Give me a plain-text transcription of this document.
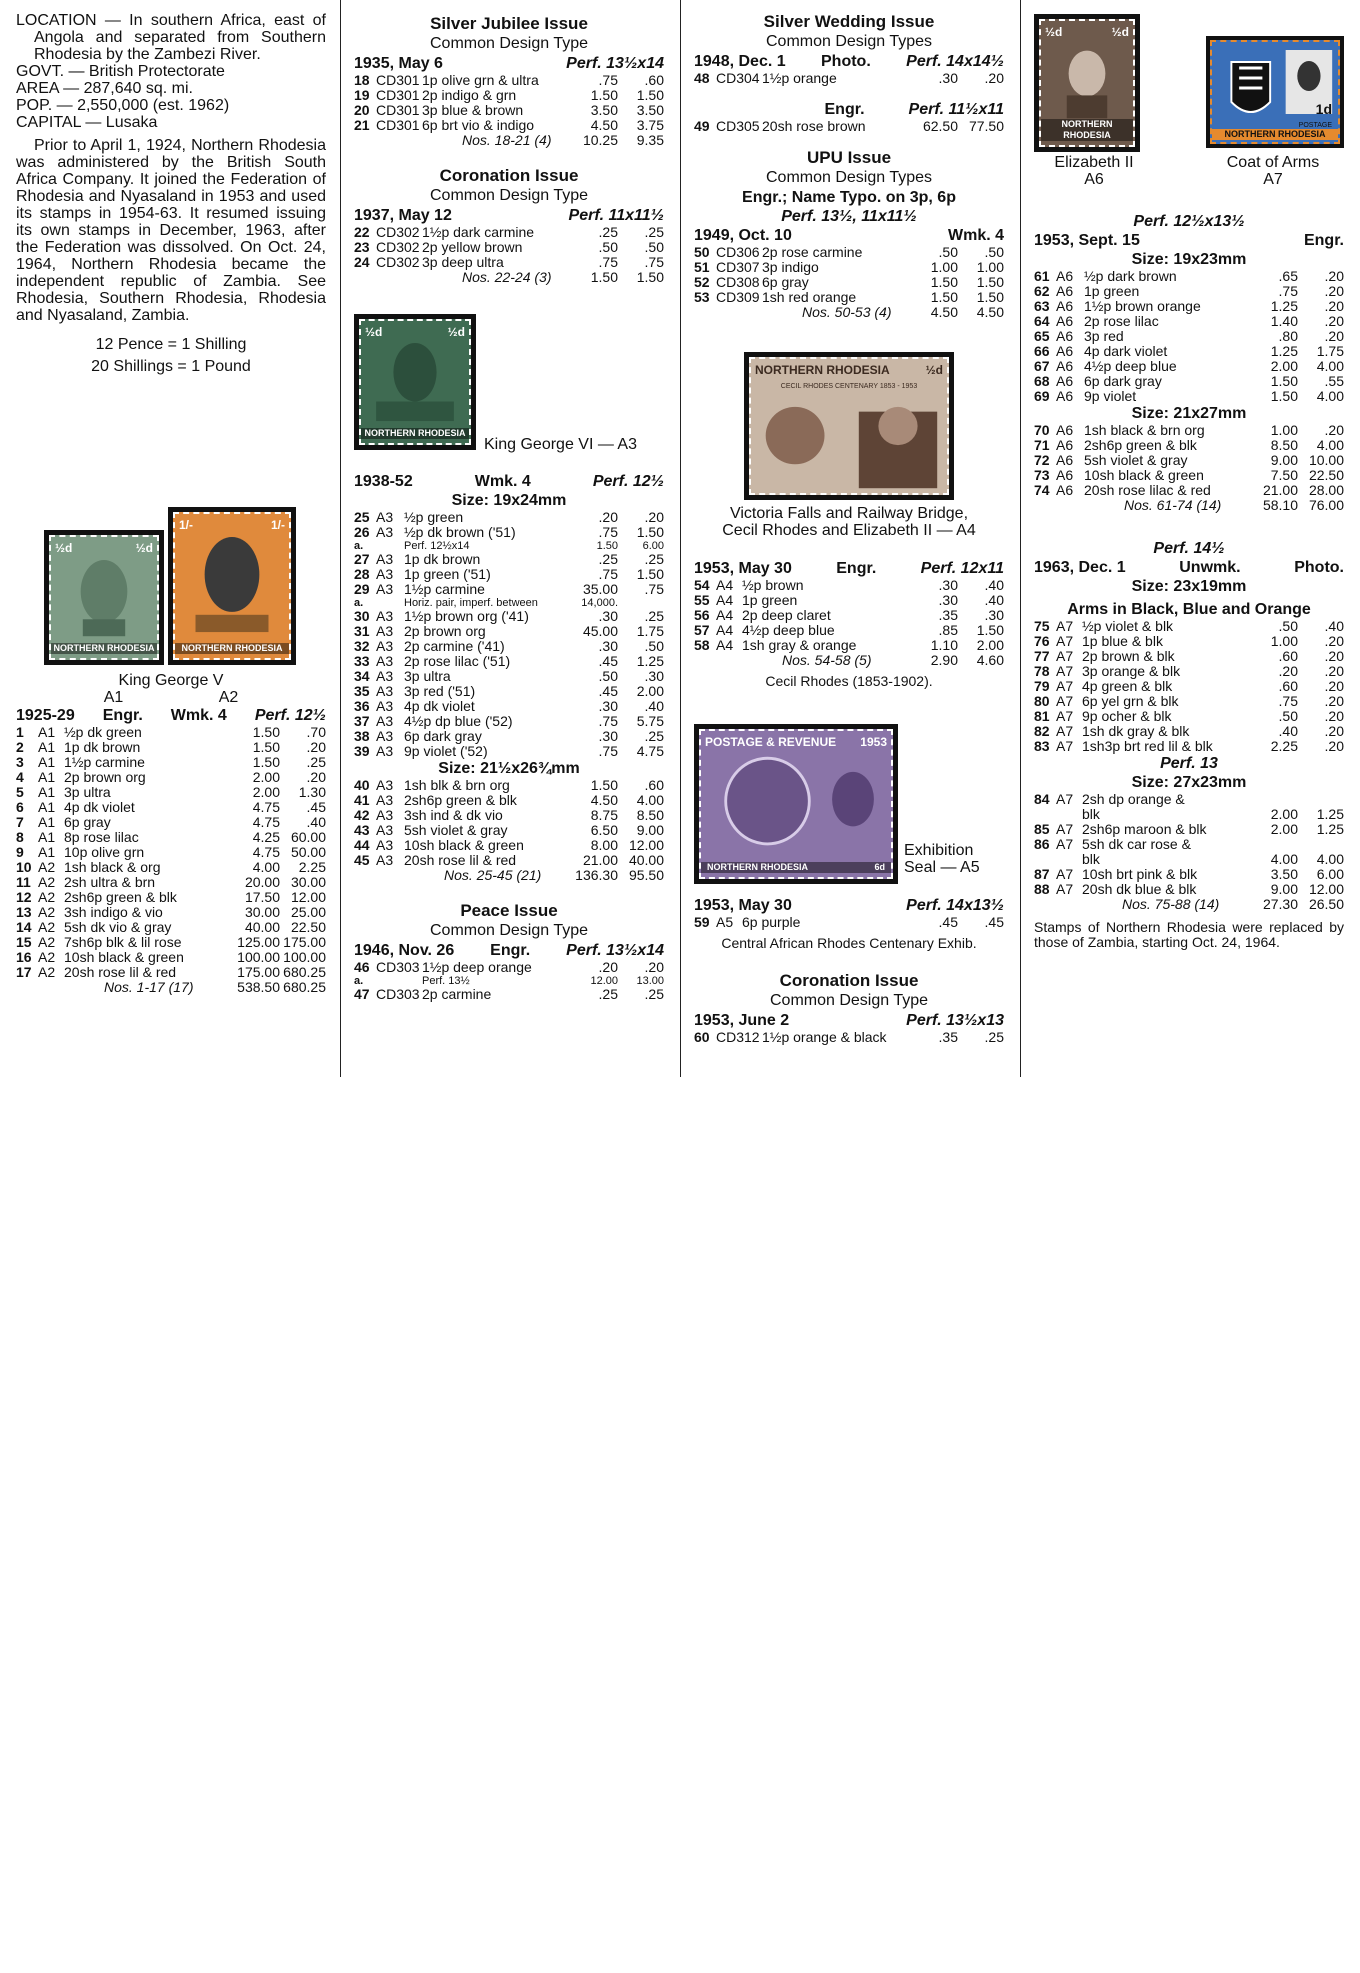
LOCATION — In southern Africa, east of Angola and separated from Southern Rhodesia by the Zambezi River.

GOVT. — British Protectorate

AREA — 287,640 sq. mi.

POP. — 2,550,000 (est. 1962)

CAPITAL — Lusaka

Prior to April 1, 1924, Northern Rhodesia was administered by the British South Africa Company. It joined the Federation of Rhodesia and Nyasaland in 1953 and used its stamps in 1954-63. It resumed issuing its own stamps in December, 1963, after the Federation was dissolved. On Oct. 24, 1964, Northern Rhodesia became the independent republic of Zambia. See Rhodesia, Southern Rhodesia, Rhodesia and Nyasaland, Zambia.

12 Pence = 1 Shilling

20 Shillings = 1 Pound

½d	½d
NORTHERN RHODESIA
1/-	1/-
NORTHERN RHODESIA
King George V
A1	A2
1925-29 Engr. Wmk. 4 Perf. 12½
1	A1	½p dk green	1.50	.70
2	A1	1p dk brown	1.50	.20
3	A1	1½p carmine	1.50	.25
4	A1	2p brown org	2.00	.20
5	A1	3p ultra	2.00	1.30
6	A1	4p dk violet	4.75	.45
7	A1	6p gray	4.75	.40
8	A1	8p rose lilac	4.25	60.00
9	A1	10p olive grn	4.75	50.00
10	A2	1sh black & org	4.00	2.25
11	A2	2sh ultra & brn	20.00	30.00
12	A2	2sh6p green & blk	17.50	12.00
13	A2	3sh indigo & vio	30.00	25.00
14	A2	5sh dk vio & gray	40.00	22.50
15	A2	7sh6p blk & lil rose	125.00	175.00
16	A2	10sh black & green	100.00	100.00
17	A2	20sh rose lil & red	175.00	680.25
		Nos. 1-17 (17)	538.50	680.25
Silver Jubilee Issue
Common Design Type
1935, May 6	Perf. 13½x14
18	CD301	1p olive grn & ultra	.75	.60
19	CD301	2p indigo & grn	1.50	1.50
20	CD301	3p blue & brown	3.50	3.50
21	CD301	6p brt vio & indigo	4.50	3.75
		Nos. 18-21 (4)	10.25	9.35
Coronation Issue
Common Design Type
1937, May 12	Perf. 11x11½
22	CD302	1½p dark carmine	.25	.25
23	CD302	2p yellow brown	.50	.50
24	CD302	3p deep ultra	.75	.75
		Nos. 22-24 (3)	1.50	1.50
½d	½d
NORTHERN RHODESIA
King George VI — A3
1938-52	Wmk. 4	Perf. 12½
Size: 19x24mm
25	A3	½p green	.20	.20
26	A3	½p dk brown ('51)	.75	1.50
a.		Perf. 12½x14	1.50	6.00
27	A3	1p dk brown	.25	.25
28	A3	1p green ('51)	.75	1.50
29	A3	1½p carmine	35.00	.75
a.		Horiz. pair, imperf. between	14,000.	
30	A3	1½p brown org ('41)	.30	.25
31	A3	2p brown org	45.00	1.75
32	A3	2p carmine ('41)	.30	.50
33	A3	2p rose lilac ('51)	.45	1.25
34	A3	3p ultra	.50	.30
35	A3	3p red ('51)	.45	2.00
36	A3	4p dk violet	.30	.40
37	A3	4½p dp blue ('52)	.75	5.75
38	A3	6p dark gray	.30	.25
39	A3	9p violet ('52)	.75	4.75
Size: 21½x26¾mm
40	A3	1sh blk & brn org	1.50	.60
41	A3	2sh6p green & blk	4.50	4.00
42	A3	3sh ind & dk vio	8.75	8.50
43	A3	5sh violet & gray	6.50	9.00
44	A3	10sh black & green	8.00	12.00
45	A3	20sh rose lil & red	21.00	40.00
		Nos. 25-45 (21)	136.30	95.50
Peace Issue
Common Design Type
1946, Nov. 26 Engr. Perf. 13½x14
46	CD303	1½p deep orange	.20	.20
a.		Perf. 13½	12.00	13.00
47	CD303	2p carmine	.25	.25
Silver Wedding Issue
Common Design Types
1948, Dec. 1 Photo. Perf. 14x14½
48	CD304	1½p orange	.30	.20
Engr.	Perf. 11½x11
49	CD305	20sh rose brown	62.50	77.50
UPU Issue
Common Design Types
Engr.; Name Typo. on 3p, 6p
Perf. 13½, 11x11½
1949, Oct. 10	Wmk. 4
50	CD306	2p rose carmine	.50	.50
51	CD307	3p indigo	1.00	1.00
52	CD308	6p gray	1.50	1.50
53	CD309	1sh red orange	1.50	1.50
		Nos. 50-53 (4)	4.50	4.50
NORTHERN RHODESIA	½d
CECIL RHODES CENTENARY 1853 - 1953
Victoria Falls and Railway Bridge,
Cecil Rhodes and Elizabeth II — A4
1953, May 30	Engr.	Perf. 12x11
54	A4	½p brown	.30	.40
55	A4	1p green	.30	.40
56	A4	2p deep claret	.35	.30
57	A4	4½p deep blue	.85	1.50
58	A4	1sh gray & orange	1.10	2.00
		Nos. 54-58 (5)	2.90	4.60
Cecil Rhodes (1853-1902).
POSTAGE & REVENUE 1953
NORTHERN RHODESIA	6d
Exhibition
Seal — A5
1953, May 30	Perf. 14x13½
59	A5	6p purple	.45	.45
Central African Rhodes Centenary Exhib.
Coronation Issue
Common Design Type
1953, June 2	Perf. 13½x13
60	CD312	1½p orange & black	.35	.25
½d	½d
NORTHERN RHODESIA
1d
POSTAGE
NORTHERN RHODESIA
Elizabeth II
A6
Coat of Arms
A7
Perf. 12½x13½
1953, Sept. 15	Engr.
Size: 19x23mm
61	A6	½p dark brown	.65	.20
62	A6	1p green	.75	.20
63	A6	1½p brown orange	1.25	.20
64	A6	2p rose lilac	1.40	.20
65	A6	3p red	.80	.20
66	A6	4p dark violet	1.25	1.75
67	A6	4½p deep blue	2.00	4.00
68	A6	6p dark gray	1.50	.55
69	A6	9p violet	1.50	4.00
Size: 21x27mm
70	A6	1sh black & brn org	1.00	.20
71	A6	2sh6p green & blk	8.50	4.00
72	A6	5sh violet & gray	9.00	10.00
73	A6	10sh black & green	7.50	22.50
74	A6	20sh rose lilac & red	21.00	28.00
		Nos. 61-74 (14)	58.10	76.00
Perf. 14½
1963, Dec. 1	Unwmk.	Photo.
Size: 23x19mm
Arms in Black, Blue and Orange
75	A7	½p violet & blk	.50	.40
76	A7	1p blue & blk	1.00	.20
77	A7	2p brown & blk	.60	.20
78	A7	3p orange & blk	.20	.20
79	A7	4p green & blk	.60	.20
80	A7	6p yel grn & blk	.75	.20
81	A7	9p ocher & blk	.50	.20
82	A7	1sh dk gray & blk	.40	.20
83	A7	1sh3p brt red lil & blk	2.25	.20
Perf. 13
Size: 27x23mm
84	A7	2sh dp orange &		
		blk	2.00	1.25
85	A7	2sh6p maroon & blk	2.00	1.25
86	A7	5sh dk car rose &		
		blk	4.00	4.00
87	A7	10sh brt pink & blk	3.50	6.00
88	A7	20sh dk blue & blk	9.00	12.00
		Nos. 75-88 (14)	27.30	26.50
Stamps of Northern Rhodesia were replaced by those of Zambia, starting Oct. 24, 1964.
